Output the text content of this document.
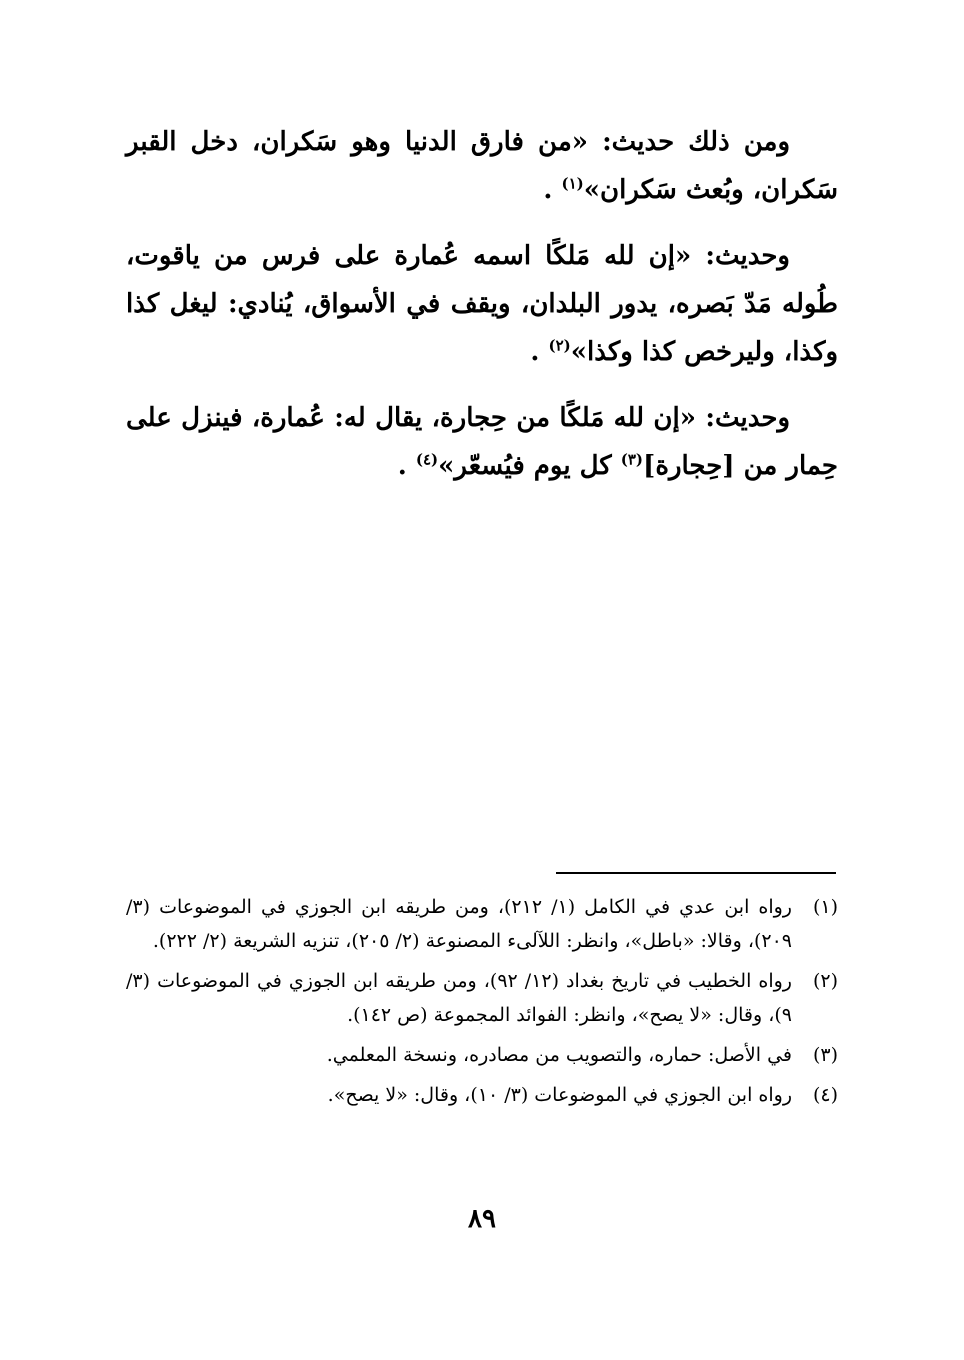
ومن ذلك حديث: «من فارق الدنيا وهو سَكران، دخل القبر سَكران، وبُعث سَكران»$^{(١)}$ .

وحديث: «إن لله مَلكًا اسمه عُمارة على فرس من ياقوت، طُوله مَدّ بَصره، يدور البلدان، ويقف في الأسواق، يُنادي: ليغل كذا وكذا، وليرخص كذا وكذا»$^{(٢)}$ .

وحديث: «إن لله مَلكًا من حِجارة، يقال له: عُمارة، فينزل على حِمار من [حِجارة]$^{(٣)}$ كل يوم فيُسعّر»$^{(٤)}$ .

(١)
رواه ابن عدي في الكامل (١/ ٢١٢)، ومن طريقه ابن الجوزي في الموضوعات (٣/ ٢٠٩)، وقالا: «باطل»، وانظر: اللآلىء المصنوعة (٢/ ٢٠٥)، تنزيه الشريعة (٢/ ٢٢٢).
(٢)
رواه الخطيب في تاريخ بغداد (١٢/ ٩٢)، ومن طريقه ابن الجوزي في الموضوعات (٣/ ٩)، وقال: «لا يصح»، وانظر: الفوائد المجموعة (ص ١٤٢).
(٣)
في الأصل: حماره، والتصويب من مصادره، ونسخة المعلمي.
(٤)
رواه ابن الجوزي في الموضوعات (٣/ ١٠)، وقال: «لا يصح».
٨٩
